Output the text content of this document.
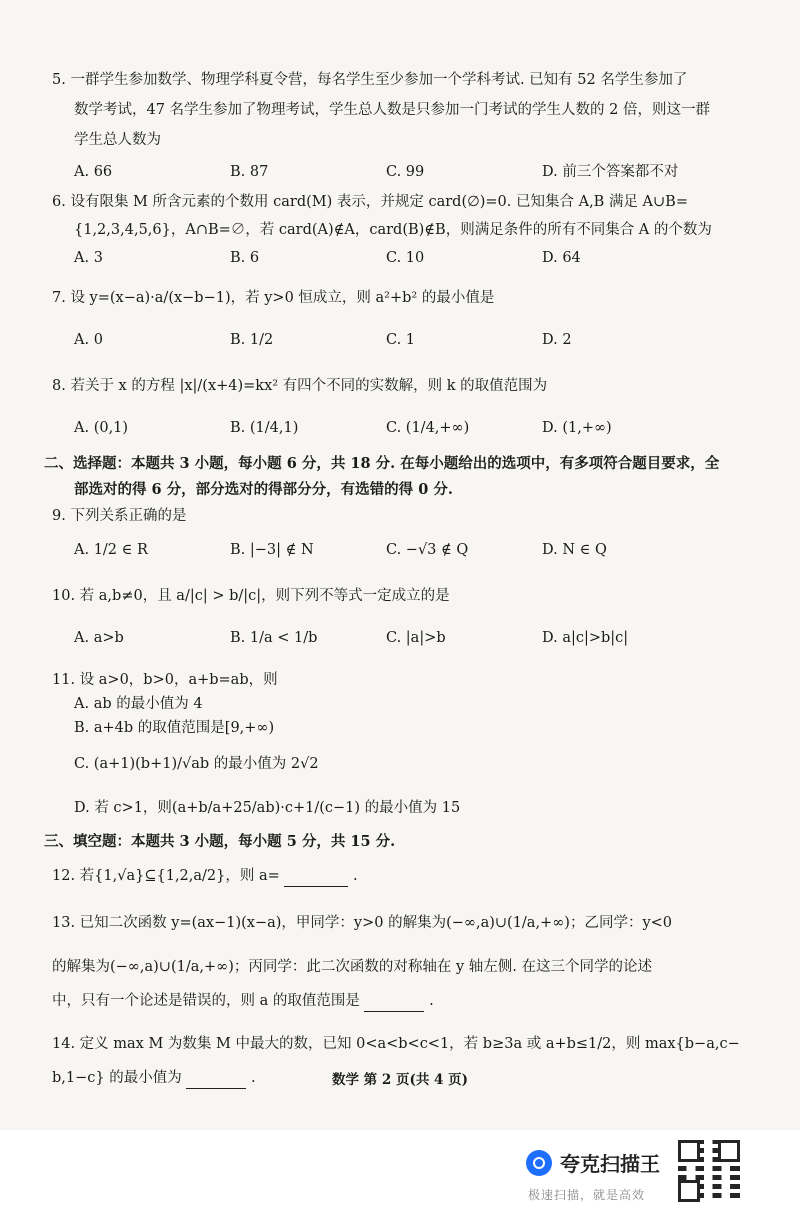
5. 一群学生参加数学、物理学科夏令营，每名学生至少参加一个学科考试. 已知有 52 名学生参加了
数学考试，47 名学生参加了物理考试，学生总人数是只参加一门考试的学生人数的 2 倍，则这一群
学生总人数为
A. 66	B. 87	C. 99	D. 前三个答案都不对
6. 设有限集 M 所含元素的个数用 card(M) 表示，并规定 card(∅)=0. 已知集合 A,B 满足 A∪B=
{1,2,3,4,5,6}，A∩B=∅，若 card(A)∉A，card(B)∉B，则满足条件的所有不同集合 A 的个数为
A. 3	B. 6	C. 10	D. 64
7. 设 y=(x−a)·a/(x−b−1)，若 y>0 恒成立，则 a²+b² 的最小值是
A. 0	B. 1/2	C. 1	D. 2
8. 若关于 x 的方程 |x|/(x+4)=kx² 有四个不同的实数解，则 k 的取值范围为
A. (0,1)	B. (1/4,1)	C. (1/4,+∞)	D. (1,+∞)
二、选择题：本题共 3 小题，每小题 6 分，共 18 分. 在每小题给出的选项中，有多项符合题目要求，全
部选对的得 6 分，部分选对的得部分分，有选错的得 0 分.
9. 下列关系正确的是
A. 1/2 ∈ R	B. |−3| ∉ N	C. −√3 ∉ Q	D. N ∈ Q
10. 若 a,b≠0，且 a/|c| > b/|c|，则下列不等式一定成立的是
A. a>b	B. 1/a < 1/b	C. |a|>b	D. a|c|>b|c|
11. 设 a>0，b>0，a+b=ab，则
A. ab 的最小值为 4
B. a+4b 的取值范围是[9,+∞)
C. (a+1)(b+1)/√ab 的最小值为 2√2
D. 若 c>1，则(a+b/a+25/ab)·c+1/(c−1) 的最小值为 15
三、填空题：本题共 3 小题，每小题 5 分，共 15 分.
12. 若{1,√a}⊆{1,2,a/2}，则 a=	.
13. 已知二次函数 y=(ax−1)(x−a)，甲同学：y>0 的解集为(−∞,a)∪(1/a,+∞)；乙同学：y<0
的解集为(−∞,a)∪(1/a,+∞)；丙同学：此二次函数的对称轴在 y 轴左侧. 在这三个同学的论述
中，只有一个论述是错误的，则 a 的取值范围是	.
14. 定义 max M 为数集 M 中最大的数，已知 0<a<b<c<1，若 b≥3a 或 a+b≤1/2，则 max{b−a,c−
b,1−c} 的最小值为	.	数学 第 2 页(共 4 页)
夸克扫描王
极速扫描，就是高效
